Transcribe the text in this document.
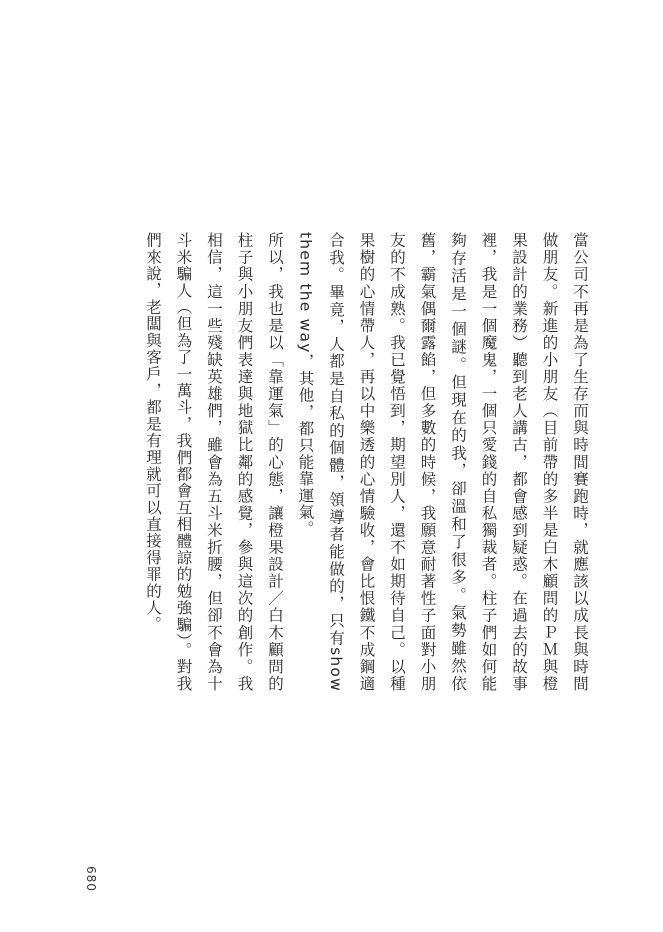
當公司不再是為了生存而與時間賽跑時，就應該以成長與時間做朋友。新進的小朋友（目前帶的多半是白木顧問的ＰＭ與橙果設計的業務）聽到老人講古，都會感到疑惑。在過去的故事裡，我是一個魔鬼，一個只愛錢的自私獨裁者。柱子們如何能夠存活是一個謎。但現在的我，卻溫和了很多。氣勢雖然依舊，霸氣偶爾露餡，但多數的時候，我願意耐著性子面對小朋友的不成熟。我已覺悟到，期望別人，還不如期待自己。以種果樹的心情帶人，再以中樂透的心情驗收，會比恨鐵不成鋼適合我。畢竟，人都是自私的個體，領導者能做的，只有show them the way，其他，都只能靠運氣。

所以，我也是以「靠運氣」的心態，讓橙果設計／白木顧問的柱子與小朋友們表達與地獄比鄰的感覺，參與這次的創作。我相信，這一些殘缺英雄們，雖會為五斗米折腰，但卻不會為十斗米騙人（但為了一萬斗，我們都會互相體諒的勉強騙）。對我們來說，老闆與客戶，都是有理就可以直接得罪的人。

680
